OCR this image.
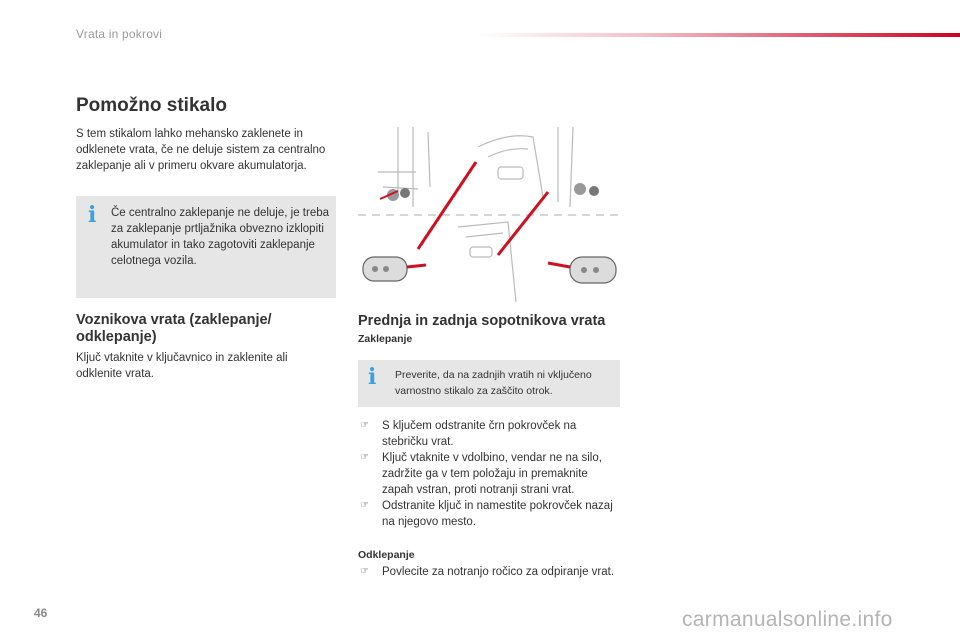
Vrata in pokrovi
Pomožno stikalo
S tem stikalom lahko mehansko zaklenete in odklenete vrata, če ne deluje sistem za centralno zaklepanje ali v primeru okvare akumulatorja.
i Če centralno zaklepanje ne deluje, je treba za zaklepanje prtljažnika obvezno izklopiti akumulator in tako zagotoviti zaklepanje celotnega vozila.
Voznikova vrata (zaklepanje/ odklepanje)
Ključ vtaknite v ključavnico in zaklenite ali odklenite vrata.
Prednja in zadnja sopotnikova vrata
Zaklepanje
i Preverite, da na zadnjih vratih ni vključeno varnostno stikalo za zaščito otrok.
☞ S ključem odstranite črn pokrovček na stebričku vrat.
☞ Ključ vtaknite v vdolbino, vendar ne na silo, zadržite ga v tem položaju in premaknite zapah vstran, proti notranji strani vrat.
☞ Odstranite ključ in namestite pokrovček nazaj na njegovo mesto.
Odklepanje
☞ Povlecite za notranjo ročico za odpiranje vrat.
46	carmanualsonline.info
